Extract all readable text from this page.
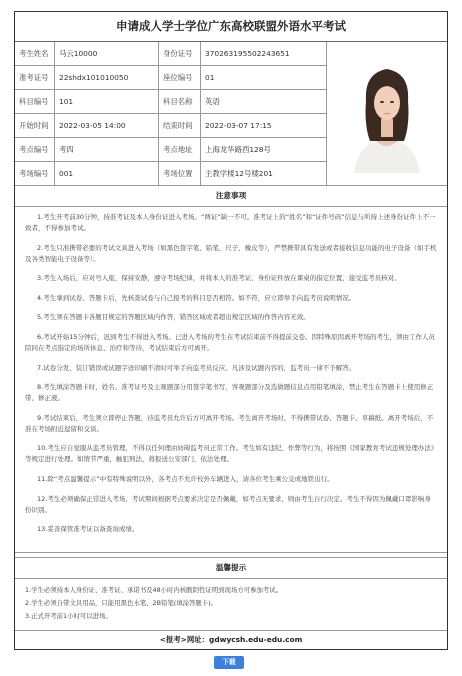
申请成人学士学位广东高校联盟外语水平考试
考生姓名	马云10000	身份证号	370263195502243651
准考证号	22shdx101010050	座位编号	01
科目编号	101	科目名称	英语
开始时间	2022-03-05 14:00	结束时间	2022-03-07 17:15
考点编号	考四	考点地址	上海龙华路西128号
考场编号	001	考场位置	主教学楼12号楼201
注意事项

1.考生开考前30分钟，持准考证及本人身份证进入考场。“两证”缺一不可。准考证上的“姓名”和“证件号码”信息与所持上述身份证件上不一致者，不得参加考试。

2.考生只准携带必要的考试文具进入考场（如黑色签字笔、铅笔、尺子、橡皮等），严禁携带具有发送或者接收信息功能的电子设备（如手机及各类智能电子设备等）。

3.考生入场后，应对号入座，保持安静，遵守考场纪律，并将本人的准考证、身份证件放在课桌的指定位置，接受监考员核对。

4.考生拿到试卷、答题卡后，先核查试卷与自己报考的科目是否相符。如不符，应立即举手向监考员说明情况。

5.考生须在答题卡各题目规定的答题区域内作答，错答区域或者超出规定区域的作答内容无效。

6.考试开始15分钟后，迟到考生不得进入考场。已进入考场的考生在考试结束前不得提前交卷。因特殊原因离开考场的考生，须由工作人员陪同在考点指定的场所休息、治疗和等待，考试结束后方可离开。

7.试卷分发、装订错误或试题字迹印刷不清时可举手向监考员反应。凡涉及试题内容的，监考员一律不予解答。

8.考生填涂答题卡时，姓名、准考证号及主观题部分用签字笔书写，客观题部分及选做题信息点用铅笔填涂，禁止考生在答题卡上使用修正带、修正液。

9.考试结束后，考生须立即停止答题，待监考员允许后方可离开考场。考生离开考场时，不得携带试卷、答题卡、草稿纸。离开考场后，不准在考场附近逗留和交谈。

10.考生应自觉服从监考员管理，不得以任何理由妨碍监考员正常工作。考生如有违纪、作弊等行为，将按照《国家教育考试违规处理办法》等规定进行处理。如情节严重，触犯刑法，将报送公安部门，依法处理。

11.除“考点温馨提示”中有特殊说明以外，各考点不允许校外车辆进入，请各位考生乘公交或地铁出行。

12.考生必须确保正常进入考场，考试期间根据考点要求决定是否佩戴，如考点无要求，则由考生自行决定。考生不得因为佩戴口罩影响身份识别。

13.妥善保管准考证以备查询成绩。

温馨提示

1.学生必须持本人身份证、准考证、承诺书及48小时内核酸阴性证明到现场方可参加考试。

2.学生必须自带文具用品，只能用黑色水笔、2B铅笔(填涂答题卡)。

3.正式开考前1小时可以进场。

<报考>网址：gdwycsh.edu-edu.com
下载
